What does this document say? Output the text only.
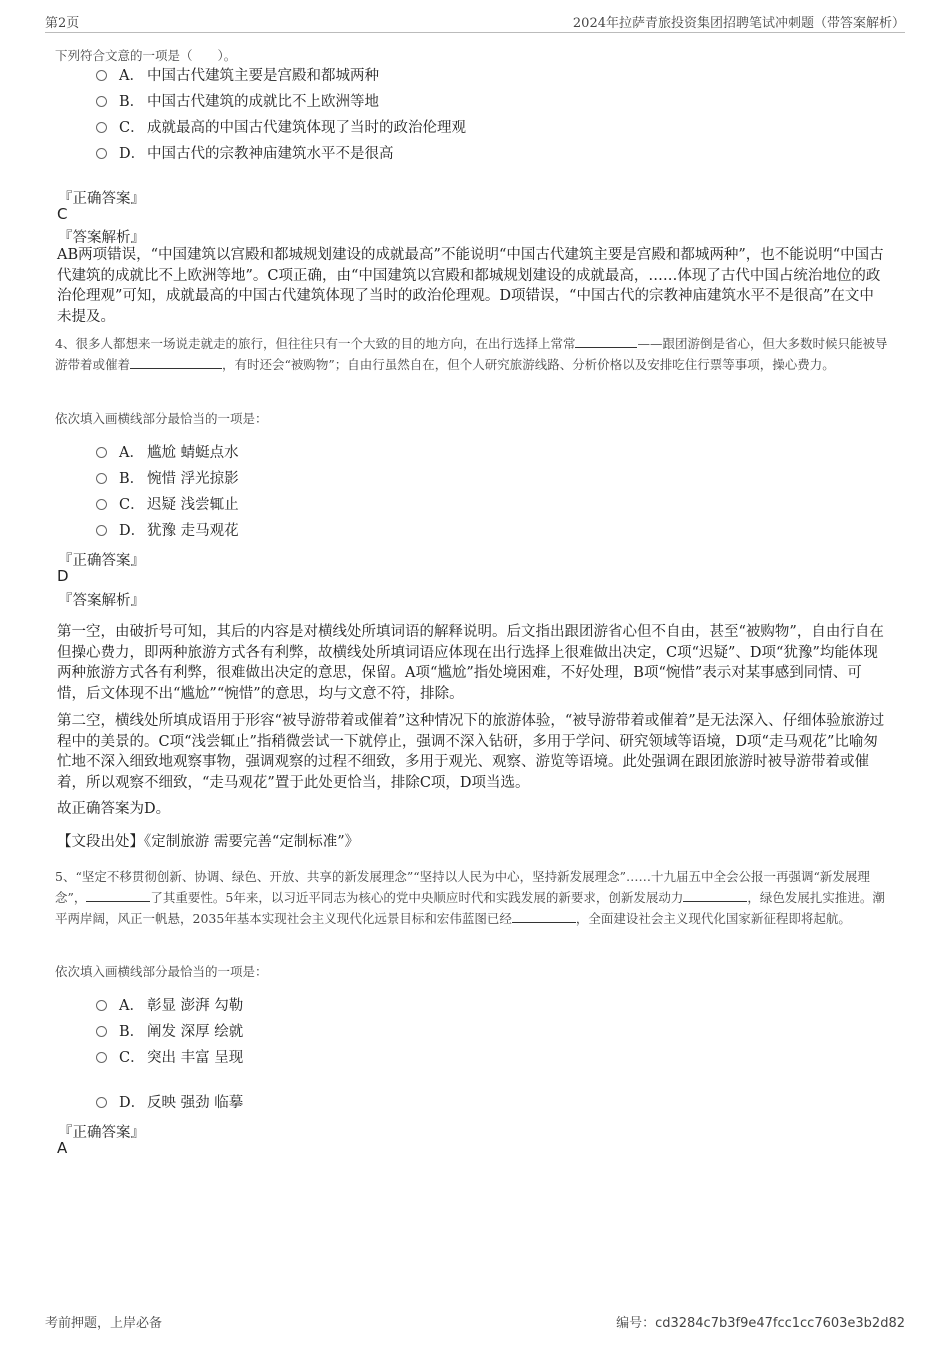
第2页	2024年拉萨青旅投资集团招聘笔试冲刺题（带答案解析）
下列符合文意的一项是（　　）。
A． 中国古代建筑主要是宫殿和都城两种
B． 中国古代建筑的成就比不上欧洲等地
C． 成就最高的中国古代建筑体现了当时的政治伦理观
D． 中国古代的宗教神庙建筑水平不是很高
『正确答案』
C
『答案解析』
AB两项错误，“中国建筑以宫殿和都城规划建设的成就最高”不能说明“中国古代建筑主要是宫殿和都城两种”，也不能说明“中国古代建筑的成就比不上欧洲等地”。C项正确，由“中国建筑以宫殿和都城规划建设的成就最高，……体现了古代中国占统治地位的政治伦理观”可知，成就最高的中国古代建筑体现了当时的政治伦理观。D项错误，“中国古代的宗教神庙建筑水平不是很高”在文中未提及。
4、很多人都想来一场说走就走的旅行，但往往只有一个大致的目的地方向，在出行选择上常常	——跟团游倒是省心，但大多数时候只能被导游带着或催着	，有时还会“被购物”；自由行虽然自在，但个人研究旅游线路、分析价格以及安排吃住行票等事项，操心费力。
依次填入画横线部分最恰当的一项是：
A． 尴尬 蜻蜓点水
B． 惋惜 浮光掠影
C． 迟疑 浅尝辄止
D． 犹豫 走马观花
『正确答案』
D
『答案解析』
第一空，由破折号可知，其后的内容是对横线处所填词语的解释说明。后文指出跟团游省心但不自由，甚至“被购物”，自由行自在但操心费力，即两种旅游方式各有利弊，故横线处所填词语应体现在出行选择上很难做出决定，C项“迟疑”、D项“犹豫”均能体现两种旅游方式各有利弊，很难做出决定的意思，保留。A项“尴尬”指处境困难，不好处理，B项“惋惜”表示对某事感到同情、可惜，后文体现不出“尴尬”“惋惜”的意思，均与文意不符，排除。
第二空，横线处所填成语用于形容“被导游带着或催着”这种情况下的旅游体验，“被导游带着或催着”是无法深入、仔细体验旅游过程中的美景的。C项“浅尝辄止”指稍微尝试一下就停止，强调不深入钻研，多用于学问、研究领域等语境，D项“走马观花”比喻匆忙地不深入细致地观察事物，强调观察的过程不细致，多用于观光、观察、游览等语境。此处强调在跟团旅游时被导游带着或催着，所以观察不细致，“走马观花”置于此处更恰当，排除C项，D项当选。
故正确答案为D。
【文段出处】《定制旅游 需要完善“定制标准”》
5、“坚定不移贯彻创新、协调、绿色、开放、共享的新发展理念”“坚持以人民为中心，坚持新发展理念”……十九届五中全会公报一再强调“新发展理念”，	了其重要性。5年来，以习近平同志为核心的党中央顺应时代和实践发展的新要求，创新发展动力	，绿色发展扎实推进。潮平两岸阔，风正一帆悬，2035年基本实现社会主义现代化远景目标和宏伟蓝图已经	，全面建设社会主义现代化国家新征程即将起航。
依次填入画横线部分最恰当的一项是：
A． 彰显 澎湃 勾勒
B． 阐发 深厚 绘就
C． 突出 丰富 呈现
D． 反映 强劲 临摹
『正确答案』
A
考前押题，上岸必备	编号：cd3284c7b3f9e47fcc1cc7603e3b2d82
